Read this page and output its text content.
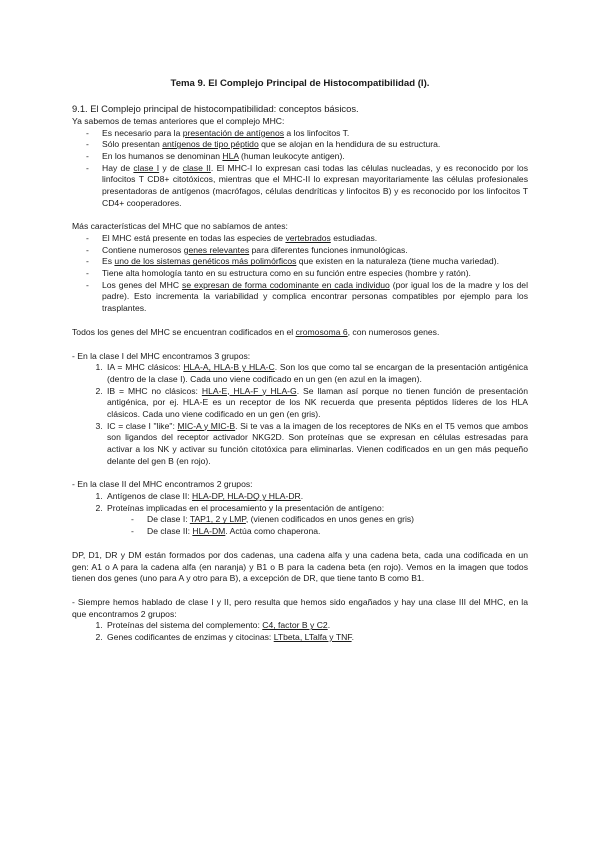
Tema 9. El Complejo Principal de Histocompatibilidad (I).

9.1. El Complejo principal de histocompatibilidad: conceptos básicos.

Ya sabemos de temas anteriores que el complejo MHC:

- Es necesario para la presentación de antígenos a los linfocitos T.
- Sólo presentan antígenos de tipo péptido que se alojan en la hendidura de su estructura.
- En los humanos se denominan HLA (human leukocyte antigen).
- Hay de clase I y de clase II. El MHC-I lo expresan casi todas las células nucleadas, y es reconocido por los linfocitos T CD8+ citotóxicos, mientras que el MHC-II lo expresan mayoritariamente las células profesionales presentadoras de antígenos (macrófagos, células dendríticas y linfocitos B) y es reconocido por los linfocitos T CD4+ cooperadores.

Más características del MHC que no sabíamos de antes:

- El MHC está presente en todas las especies de vertebrados estudiadas.
- Contiene numerosos genes relevantes para diferentes funciones inmunológicas.
- Es uno de los sistemas genéticos más polimórficos que existen en la naturaleza (tiene mucha variedad).
- Tiene alta homología tanto en su estructura como en su función entre especies (hombre y ratón).
- Los genes del MHC se expresan de forma codominante en cada individuo (por igual los de la madre y los del padre). Esto incrementa la variabilidad y complica encontrar personas compatibles por ejemplo para los trasplantes.

Todos los genes del MHC se encuentran codificados en el cromosoma 6, con numerosos genes.

- En la clase I del MHC encontramos 3 grupos:

1. IA = MHC clásicos: HLA-A, HLA-B y HLA-C. Son los que como tal se encargan de la presentación antigénica (dentro de la clase I). Cada uno viene codificado en un gen (en azul en la imagen).
2. IB = MHC no clásicos: HLA-E, HLA-F y HLA-G. Se llaman así porque no tienen función de presentación antigénica, por ej. HLA-E es un receptor de los NK recuerda que presenta péptidos líderes de los HLA clásicos. Cada uno viene codificado en un gen (en gris).
3. IC = clase I "like": MIC-A y MIC-B. Si te vas a la imagen de los receptores de NKs en el T5 vemos que ambos son ligandos del receptor activador NKG2D. Son proteínas que se expresan en células estresadas para activar a los NK y activar su función citotóxica para eliminarlas. Vienen codificados en un gen más pequeño delante del gen B (en rojo).

- En la clase II del MHC encontramos 2 grupos:

1. Antígenos de clase II: HLA-DP, HLA-DQ y HLA-DR.
2. Proteínas implicadas en el procesamiento y la presentación de antígeno:
- De clase I: TAP1, 2 y LMP, (vienen codificados en unos genes en gris)
- De clase II: HLA-DM. Actúa como chaperona.

DP, D1, DR y DM están formados por dos cadenas, una cadena alfa y una cadena beta, cada una codificada en un gen: A1 o A para la cadena alfa (en naranja) y B1 o B para la cadena beta (en rojo). Vemos en la imagen que todos tienen dos genes (uno para A y otro para B), a excepción de DR, que tiene tanto B como B1.

- Siempre hemos hablado de clase I y II, pero resulta que hemos sido engañados y hay una clase III del MHC, en la que encontramos 2 grupos:

1. Proteínas del sistema del complemento: C4, factor B y C2.
2. Genes codificantes de enzimas y citocinas: LTbeta, LTalfa y TNF.
